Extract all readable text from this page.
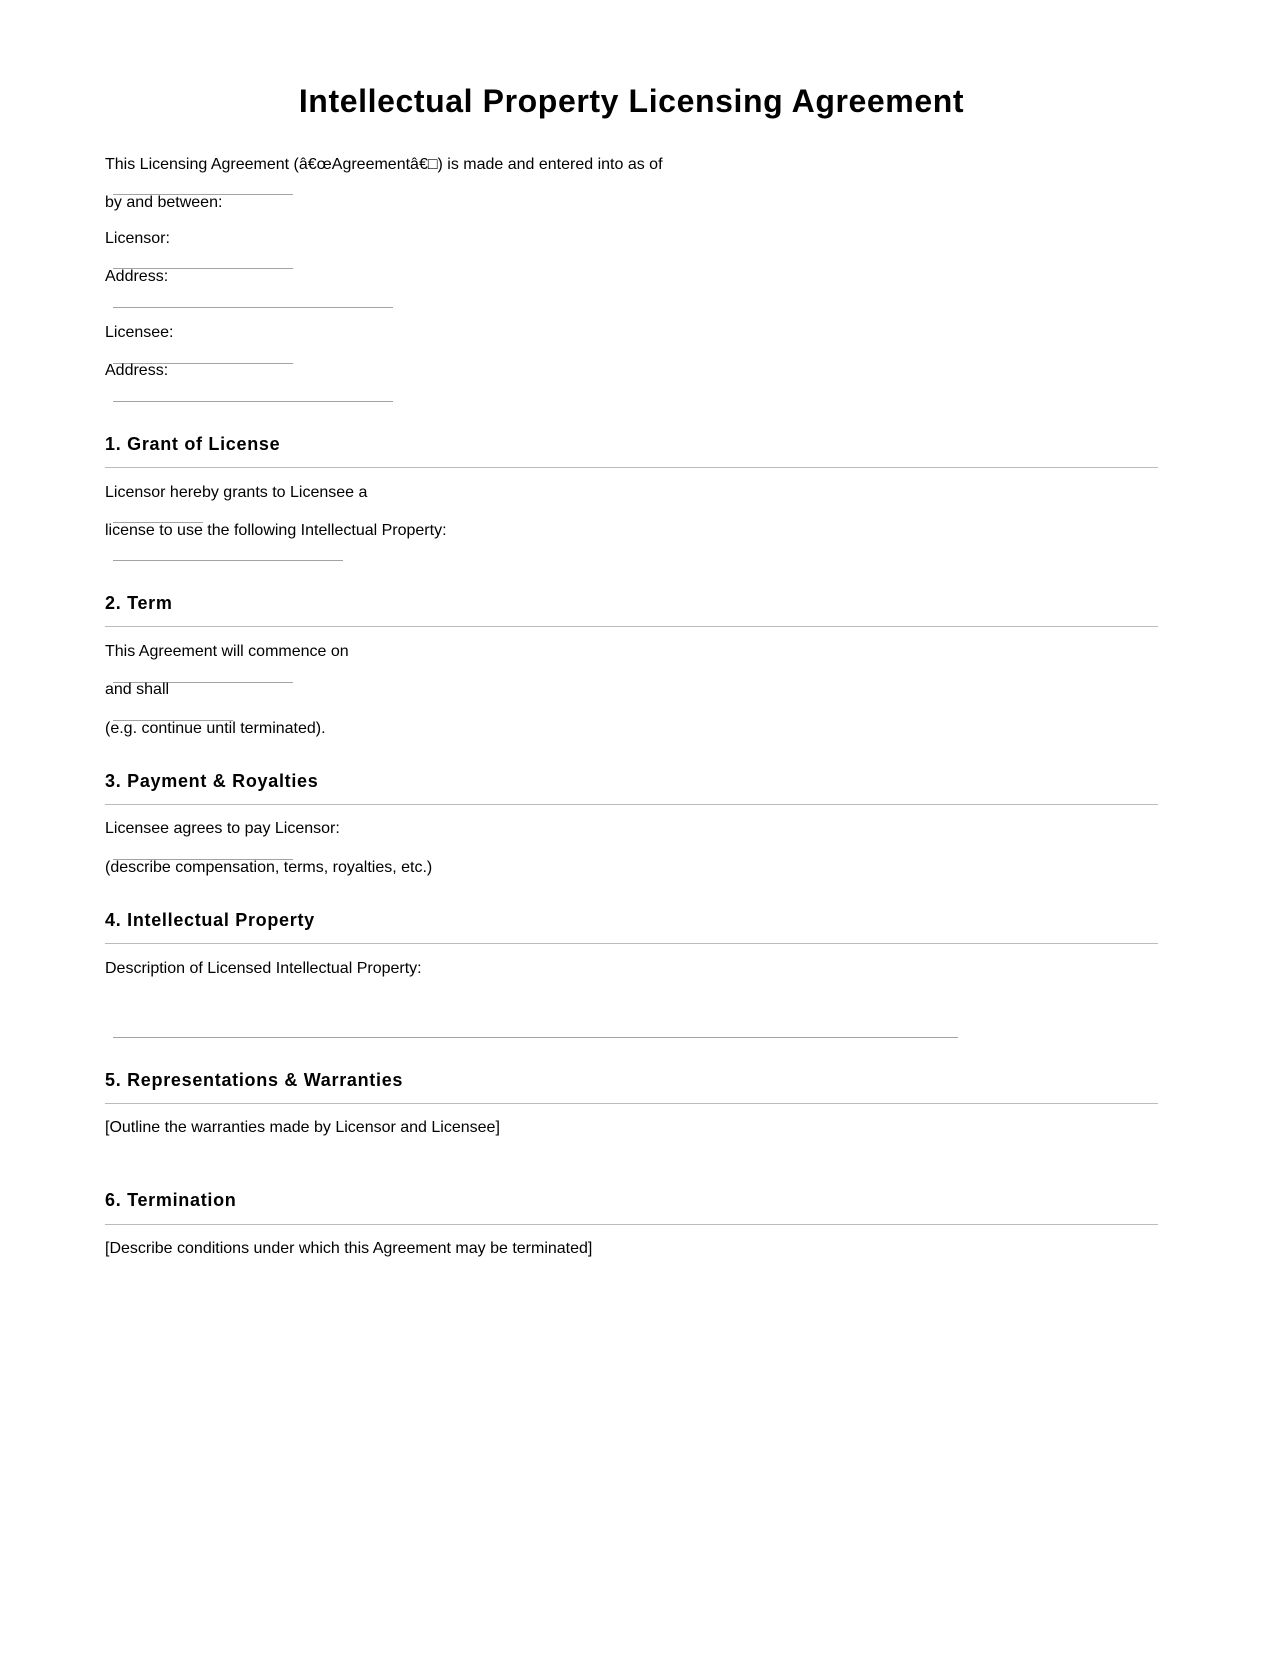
Intellectual Property Licensing Agreement

This Licensing Agreement (â€œAgreementâ€□) is made and entered into as of

by and between:

Licensor:

Address:

Licensee:

Address:

1. Grant of License

Licensor hereby grants to Licensee a

license to use the following Intellectual Property:

2. Term

This Agreement will commence on

and shall

(e.g. continue until terminated).

3. Payment & Royalties

Licensee agrees to pay Licensor:

(describe compensation, terms, royalties, etc.)

4. Intellectual Property

Description of Licensed Intellectual Property:

5. Representations & Warranties

[Outline the warranties made by Licensor and Licensee]

6. Termination

[Describe conditions under which this Agreement may be terminated]
